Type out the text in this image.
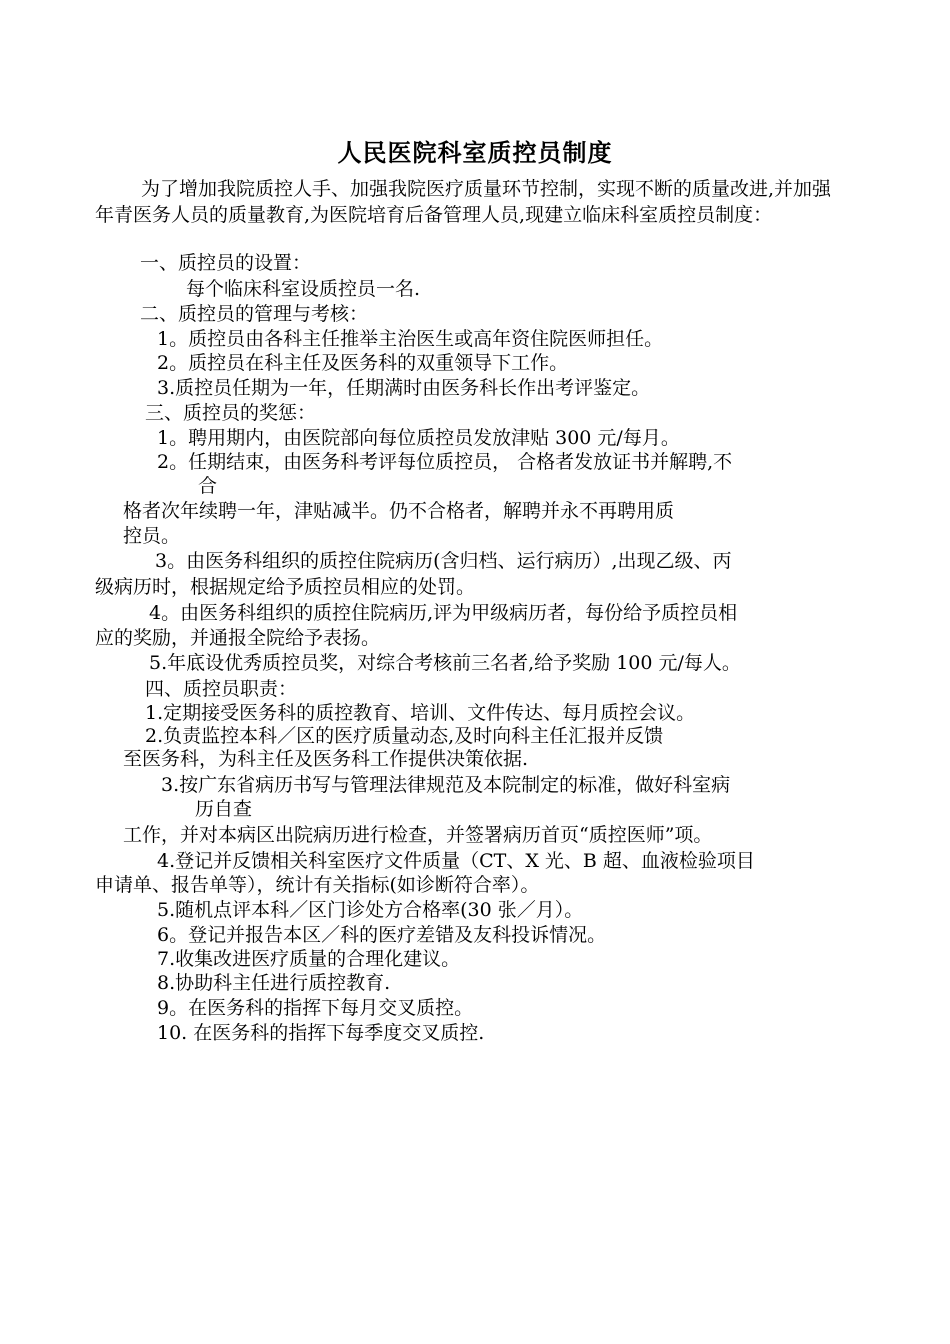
人民医院科室质控员制度
为了增加我院质控人手、加强我院医疗质量环节控制，实现不断的质量改进,并加强年青医务人员的质量教育,为医院培育后备管理人员,现建立临床科室质控员制度：
一、质控员的设置：
每个临床科室设质控员一名.
二、质控员的管理与考核：
1。质控员由各科主任推举主治医生或高年资住院医师担任。
2。质控员在科主任及医务科的双重领导下工作。
3.质控员任期为一年，任期满时由医务科长作出考评鉴定。
三、质控员的奖惩：
1。聘用期内，由医院部向每位质控员发放津贴 300 元/每月。
2。任期结束，由医务科考评每位质控员， 合格者发放证书并解聘,不
合
格者次年续聘一年，津贴减半。仍不合格者，解聘并永不再聘用质
控员。
3。由医务科组织的质控住院病历(含归档、运行病历）,出现乙级、丙
级病历时，根据规定给予质控员相应的处罚。
4。由医务科组织的质控住院病历,评为甲级病历者，每份给予质控员相
应的奖励，并通报全院给予表扬。
5.年底设优秀质控员奖，对综合考核前三名者,给予奖励 100 元/每人。
四、质控员职责：
1.定期接受医务科的质控教育、培训、文件传达、每月质控会议。
2.负责监控本科／区的医疗质量动态,及时向科主任汇报并反馈
至医务科，为科主任及医务科工作提供决策依据.
3.按广东省病历书写与管理法律规范及本院制定的标准，做好科室病
历自查
工作，并对本病区出院病历进行检查，并签署病历首页“质控医师”项。
4.登记并反馈相关科室医疗文件质量（CT、X 光、B 超、血液检验项目
申请单、报告单等），统计有关指标(如诊断符合率）。
5.随机点评本科／区门诊处方合格率(30 张／月）。
6。登记并报告本区／科的医疗差错及友科投诉情况。
7.收集改进医疗质量的合理化建议。
8.协助科主任进行质控教育.
9。在医务科的指挥下每月交叉质控。
10. 在医务科的指挥下每季度交叉质控.
